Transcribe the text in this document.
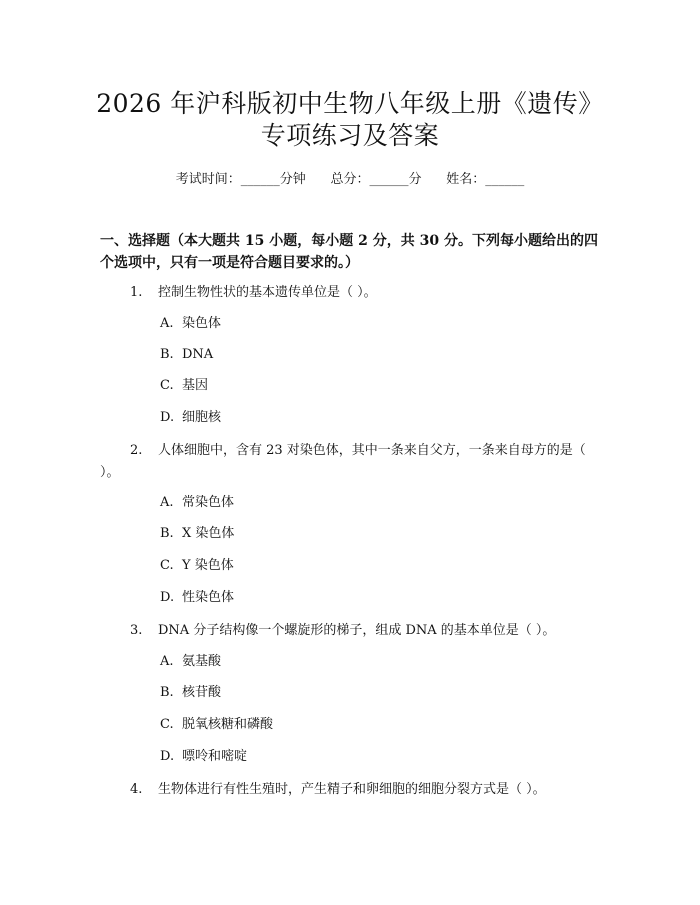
2026 年沪科版初中生物八年级上册《遗传》
专项练习及答案
考试时间：______分钟      总分：______分      姓名：______
一、选择题（本大题共 15 小题，每小题 2 分，共 30 分。下列每小题给出的四个选项中，只有一项是符合题目要求的。）
1. 控制生物性状的基本遗传单位是（ ）。
A. 染色体
B. DNA
C. 基因
D. 细胞核
2.	人体细胞中，含有 23 对染色体，其中一条来自父方，一条来自母方的是（ ）。
A. 常染色体
B. X 染色体
C. Y 染色体
D. 性染色体
3. DNA 分子结构像一个螺旋形的梯子，组成 DNA 的基本单位是（ ）。
A. 氨基酸
B. 核苷酸
C. 脱氧核糖和磷酸
D. 嘌呤和嘧啶
4. 生物体进行有性生殖时，产生精子和卵细胞的细胞分裂方式是（ ）。
